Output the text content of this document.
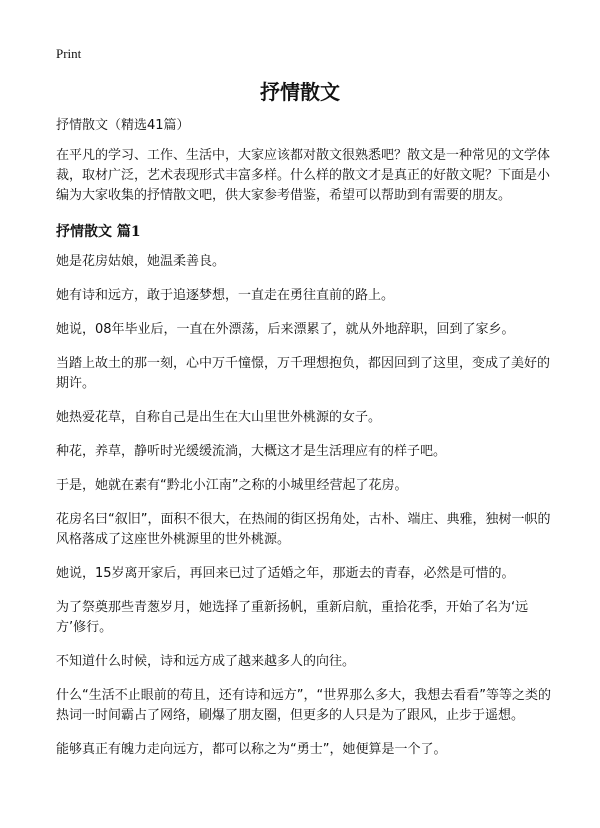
Print
抒情散文

抒情散文（精选41篇）

在平凡的学习、工作、生活中，大家应该都对散文很熟悉吧？散文是一种常见的文学体裁，取材广泛，艺术表现形式丰富多样。什么样的散文才是真正的好散文呢？下面是小编为大家收集的抒情散文吧，供大家参考借鉴，希望可以帮助到有需要的朋友。

抒情散文 篇1

她是花房姑娘，她温柔善良。

她有诗和远方，敢于追逐梦想，一直走在勇往直前的路上。

她说，08年毕业后，一直在外漂荡，后来漂累了，就从外地辞职，回到了家乡。

当踏上故土的那一刻，心中万千憧憬，万千理想抱负，都因回到了这里，变成了美好的期许。

她热爱花草，自称自己是出生在大山里世外桃源的女子。

种花，养草，静听时光缓缓流淌，大概这才是生活理应有的样子吧。

于是，她就在素有“黔北小江南”之称的小城里经营起了花房。

花房名曰“叙旧”，面积不很大，在热闹的街区拐角处，古朴、端庄、典雅，独树一帜的风格落成了这座世外桃源里的世外桃源。

她说，15岁离开家后，再回来已过了适婚之年，那逝去的青春，必然是可惜的。

为了祭奠那些青葱岁月，她选择了重新扬帆，重新启航，重拾花季，开始了名为‘远方’修行。

不知道什么时候，诗和远方成了越来越多人的向往。

什么“生活不止眼前的苟且，还有诗和远方”，“世界那么多大，我想去看看”等等之类的热词一时间霸占了网络，刷爆了朋友圈，但更多的人只是为了跟风，止步于遥想。

能够真正有魄力走向远方，都可以称之为“勇士”，她便算是一个了。
